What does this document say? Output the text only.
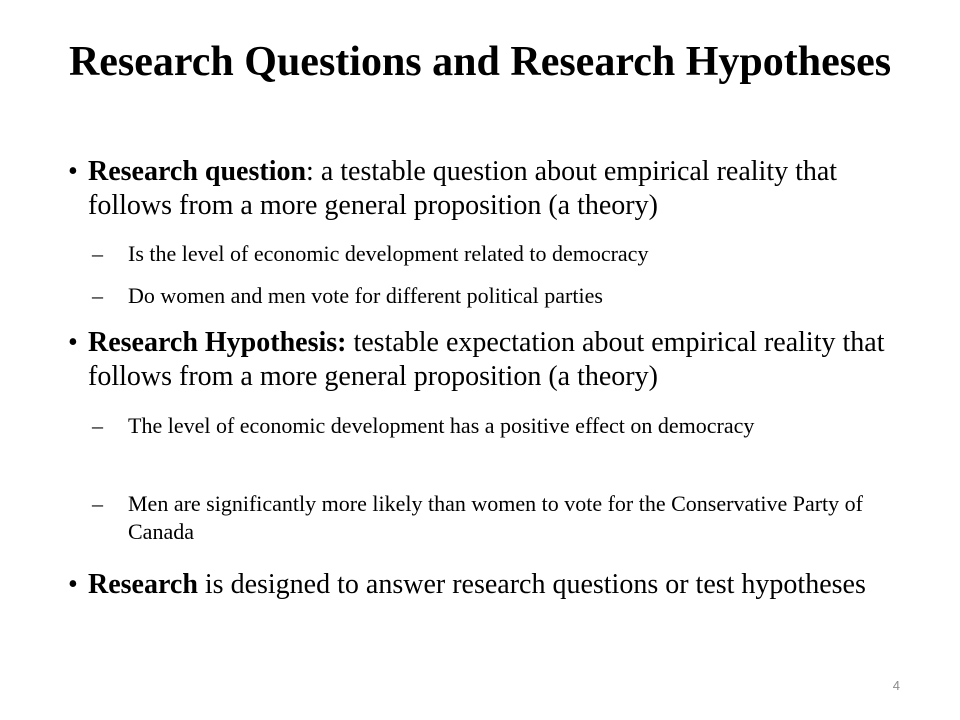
Research Questions and Research Hypotheses
• Research question: a testable question about empirical reality that follows from a more general proposition (a theory)
– Is the level of economic development related to democracy
– Do women and men vote for different political parties
• Research Hypothesis: testable expectation about empirical reality that follows from a more general proposition (a theory)
– The level of economic development has a positive effect on democracy
– Men are significantly more likely than women to vote for the Conservative Party of Canada
• Research is designed to answer research questions or test hypotheses
4
